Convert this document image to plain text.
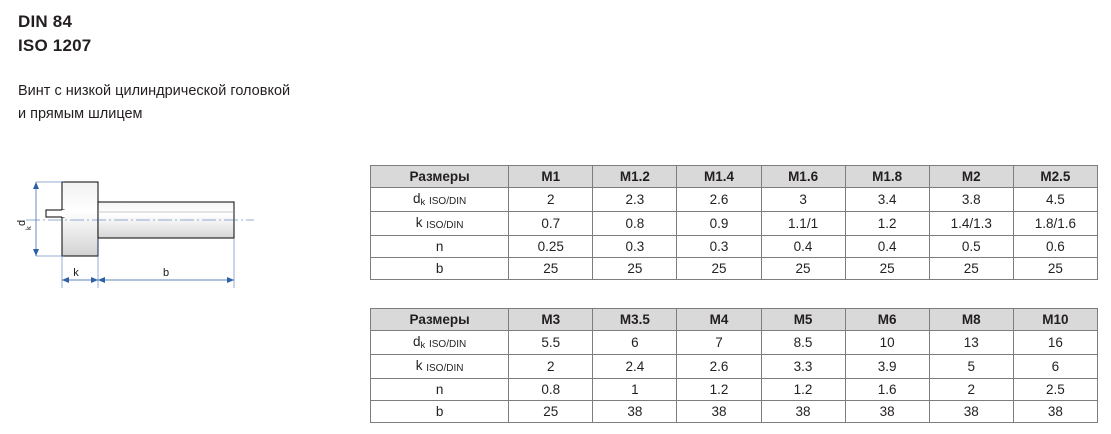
DIN 84
ISO 1207
Винт с низкой цилиндрической головкой
и прямым шлицем
d
k
k	b
Размеры	M1	M1.2	M1.4	M1.6	M1.8	M2	M2.5
dk ISO/DIN	2	2.3	2.6	3	3.4	3.8	4.5
k ISO/DIN	0.7	0.8	0.9	1.1/1	1.2	1.4/1.3	1.8/1.6
n	0.25	0.3	0.3	0.4	0.4	0.5	0.6
b	25	25	25	25	25	25	25
Размеры	M3	M3.5	M4	M5	M6	M8	M10
dk ISO/DIN	5.5	6	7	8.5	10	13	16
k ISO/DIN	2	2.4	2.6	3.3	3.9	5	6
n	0.8	1	1.2	1.2	1.6	2	2.5
b	25	38	38	38	38	38	38
